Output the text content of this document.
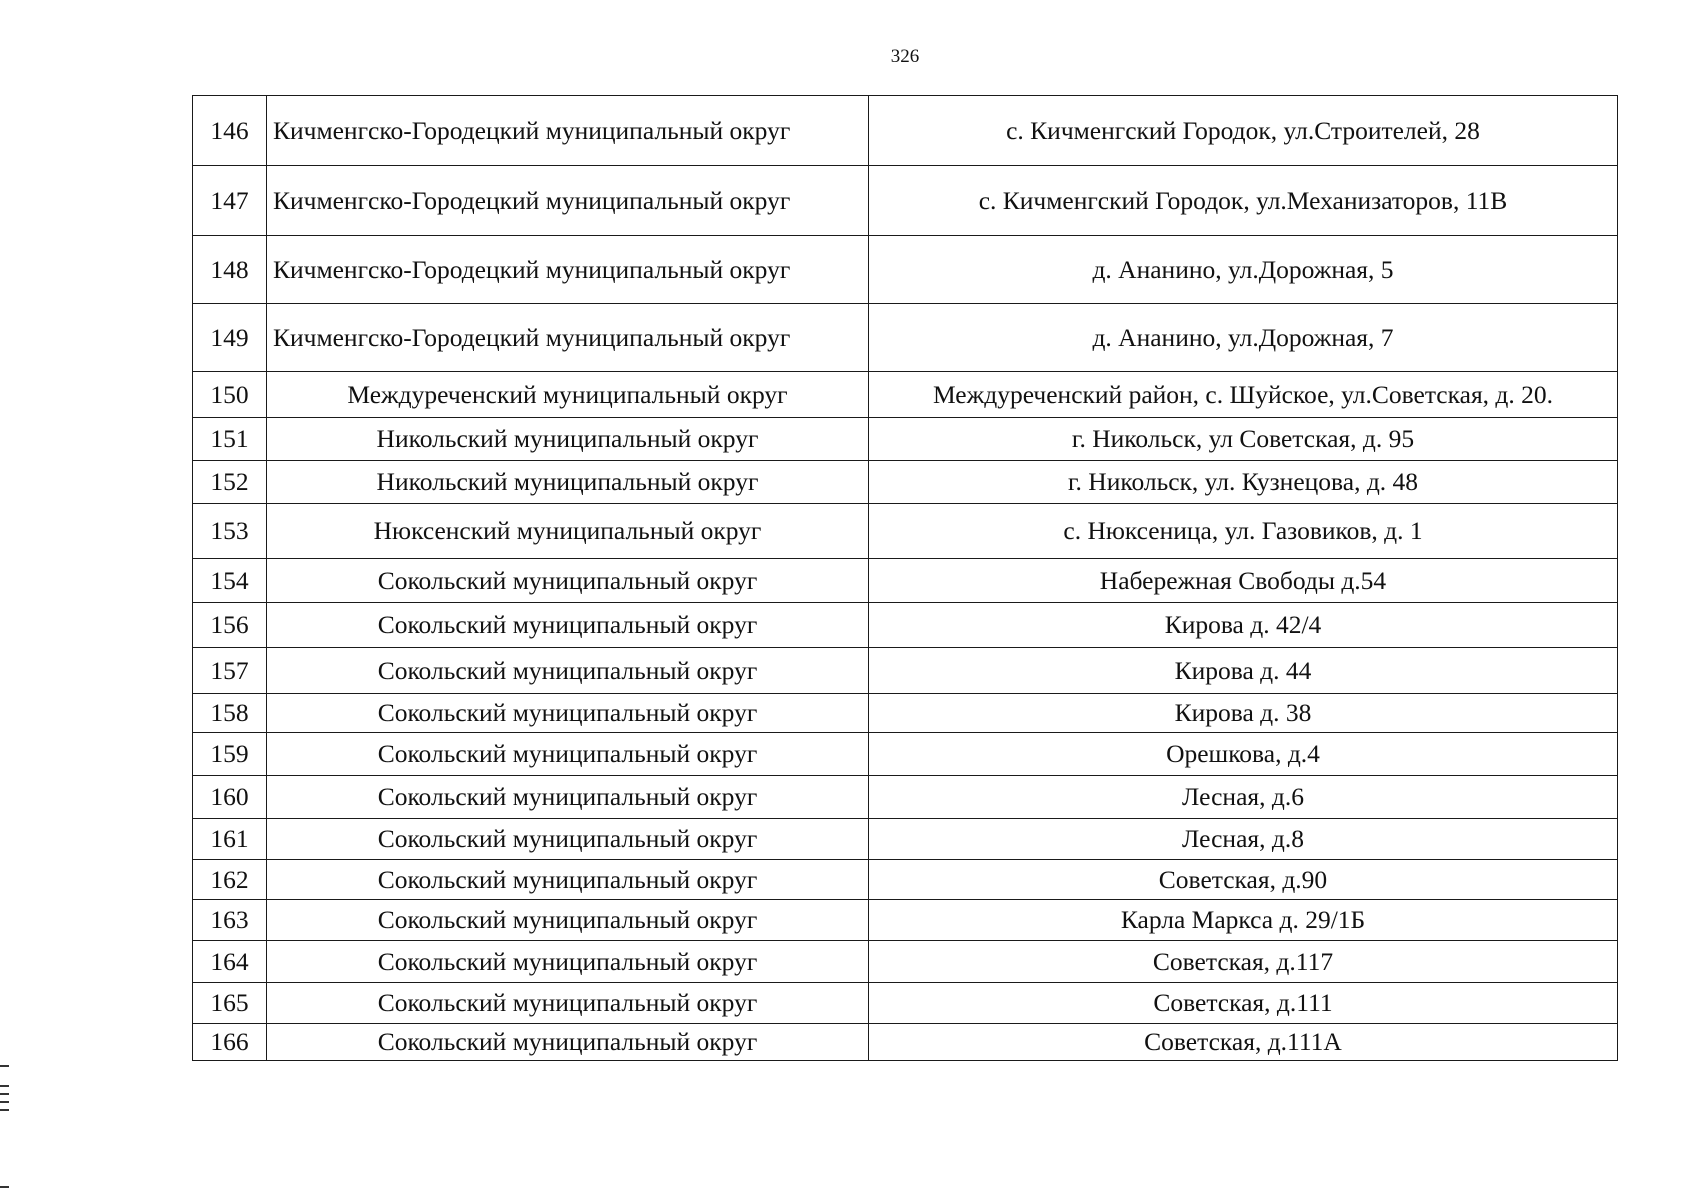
326
146	Кичменгско-Городецкий муниципальный округ	с. Кичменгский Городок, ул.Строителей, 28
147	Кичменгско-Городецкий муниципальный округ	с. Кичменгский Городок, ул.Механизаторов, 11В
148	Кичменгско-Городецкий муниципальный округ	д. Ананино, ул.Дорожная, 5
149	Кичменгско-Городецкий муниципальный округ	д. Ананино, ул.Дорожная, 7
150	Междуреченский муниципальный округ	Междуреченский район, с. Шуйское, ул.Советская, д. 20.
151	Никольский муниципальный округ	г. Никольск, ул Советская, д. 95
152	Никольский муниципальный округ	г. Никольск, ул. Кузнецова, д. 48
153	Нюксенский муниципальный округ	с. Нюксеница, ул. Газовиков, д. 1
154	Сокольский муниципальный округ	Набережная Свободы д.54
156	Сокольский муниципальный округ	Кирова д. 42/4
157	Сокольский муниципальный округ	Кирова д. 44
158	Сокольский муниципальный округ	Кирова д. 38
159	Сокольский муниципальный округ	Орешкова, д.4
160	Сокольский муниципальный округ	Лесная, д.6
161	Сокольский муниципальный округ	Лесная, д.8
162	Сокольский муниципальный округ	Советская, д.90
163	Сокольский муниципальный округ	Карла Маркса д. 29/1Б
164	Сокольский муниципальный округ	Советская, д.117
165	Сокольский муниципальный округ	Советская, д.111
166	Сокольский муниципальный округ	Советская, д.111А
